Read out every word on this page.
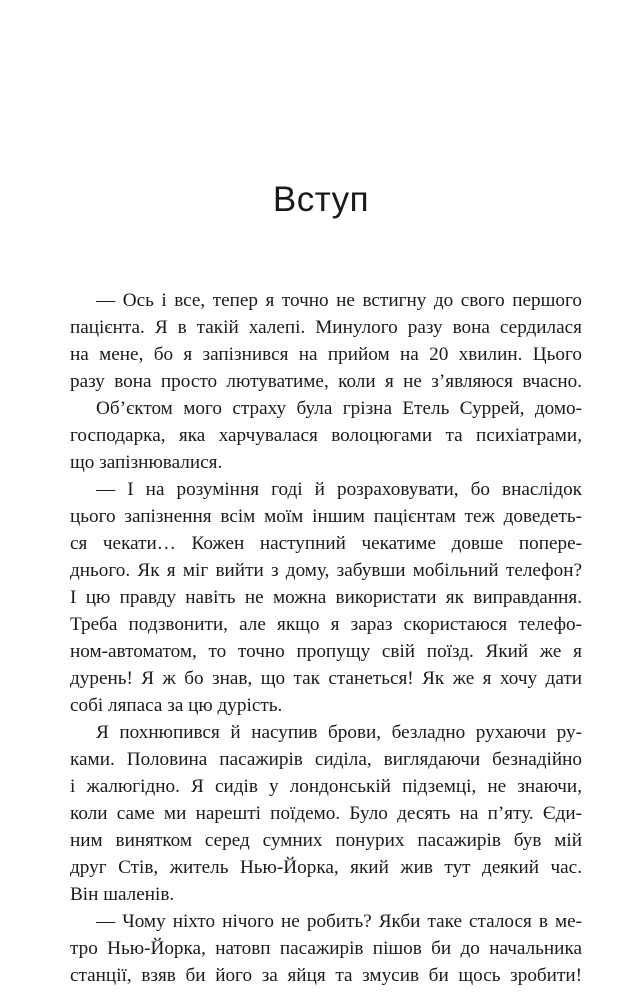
Вступ
— Ось і все, тепер я точно не встигну до свого першого
пацієнта. Я в такій халепі. Минулого разу вона сердилася
на мене, бо я запізнився на прийом на 20 хвилин. Цього
разу вона просто лютуватиме, коли я не з’являюся вчасно.
Об’єктом мого страху була грізна Етель Суррей, домо-
господарка, яка харчувалася волоцюгами та психіатрами,
що запізнювалися.
— І на розуміння годі й розраховувати, бо внаслідок
цього запізнення всім моїм іншим пацієнтам теж доведеть-
ся чекати… Кожен наступний чекатиме довше попере-
днього. Як я міг вийти з дому, забувши мобільний телефон?
І цю правду навіть не можна використати як виправдання.
Треба подзвонити, але якщо я зараз скористаюся телефо-
ном-автоматом, то точно пропущу свій поїзд. Який же я
дурень! Я ж бо знав, що так станеться! Як же я хочу дати
собі ляпаса за цю дурість.
Я похнюпився й насупив брови, безладно рухаючи ру-
ками. Половина пасажирів сиділа, виглядаючи безнадійно
і жалюгідно. Я сидів у лондонській підземці, не знаючи,
коли саме ми нарешті поїдемо. Було десять на п’яту. Єди-
ним винятком серед сумних понурих пасажирів був мій
друг Стів, житель Нью-Йорка, який жив тут деякий час.
Він шаленів.
— Чому ніхто нічого не робить? Якби таке сталося в ме-
тро Нью-Йорка, натовп пасажирів пішов би до начальника
станції, взяв би його за яйця та змусив би щось зробити!
